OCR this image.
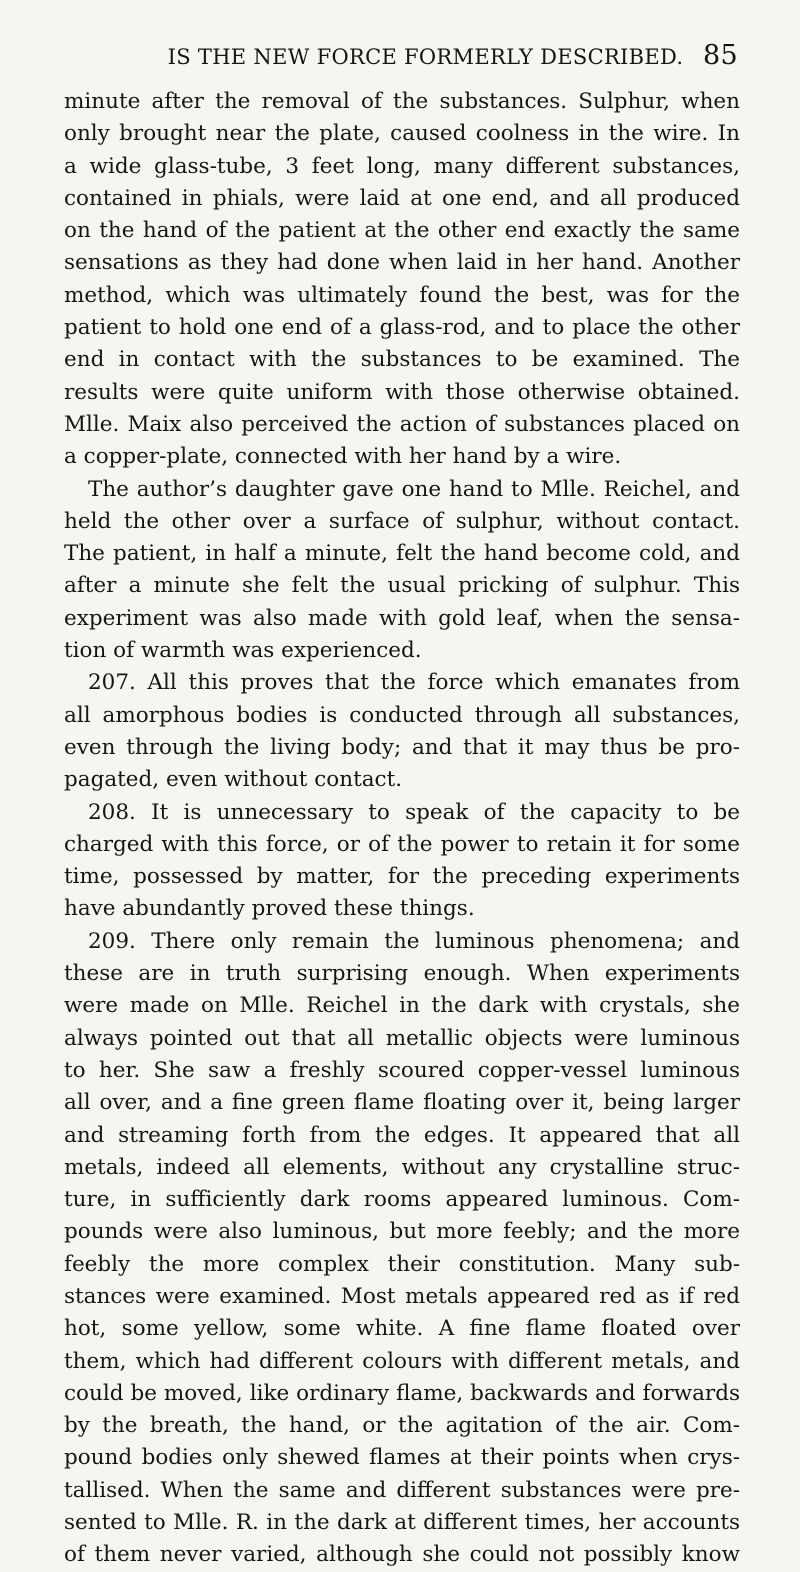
IS THE NEW FORCE FORMERLY DESCRIBED. 85
minute after the removal of the substances. Sulphur, when
only brought near the plate, caused coolness in the wire. In
a wide glass-tube, 3 feet long, many different substances,
contained in phials, were laid at one end, and all produced
on the hand of the patient at the other end exactly the same
sensations as they had done when laid in her hand. Another
method, which was ultimately found the best, was for the
patient to hold one end of a glass-rod, and to place the other
end in contact with the substances to be examined. The
results were quite uniform with those otherwise obtained.
Mlle. Maix also perceived the action of substances placed on
a copper-plate, connected with her hand by a wire.
The author’s daughter gave one hand to Mlle. Reichel, and
held the other over a surface of sulphur, without contact.
The patient, in half a minute, felt the hand become cold, and
after a minute she felt the usual pricking of sulphur. This
experiment was also made with gold leaf, when the sensa-
tion of warmth was experienced.
207. All this proves that the force which emanates from
all amorphous bodies is conducted through all substances,
even through the living body; and that it may thus be pro-
pagated, even without contact.
208. It is unnecessary to speak of the capacity to be
charged with this force, or of the power to retain it for some
time, possessed by matter, for the preceding experiments
have abundantly proved these things.
209. There only remain the luminous phenomena; and
these are in truth surprising enough. When experiments
were made on Mlle. Reichel in the dark with crystals, she
always pointed out that all metallic objects were luminous
to her. She saw a freshly scoured copper-vessel luminous
all over, and a fine green flame floating over it, being larger
and streaming forth from the edges. It appeared that all
metals, indeed all elements, without any crystalline struc-
ture, in sufficiently dark rooms appeared luminous. Com-
pounds were also luminous, but more feebly; and the more
feebly the more complex their constitution. Many sub-
stances were examined. Most metals appeared red as if red
hot, some yellow, some white. A fine flame floated over
them, which had different colours with different metals, and
could be moved, like ordinary flame, backwards and forwards
by the breath, the hand, or the agitation of the air. Com-
pound bodies only shewed flames at their points when crys-
tallised. When the same and different substances were pre-
sented to Mlle. R. in the dark at different times, her accounts
of them never varied, although she could not possibly know
